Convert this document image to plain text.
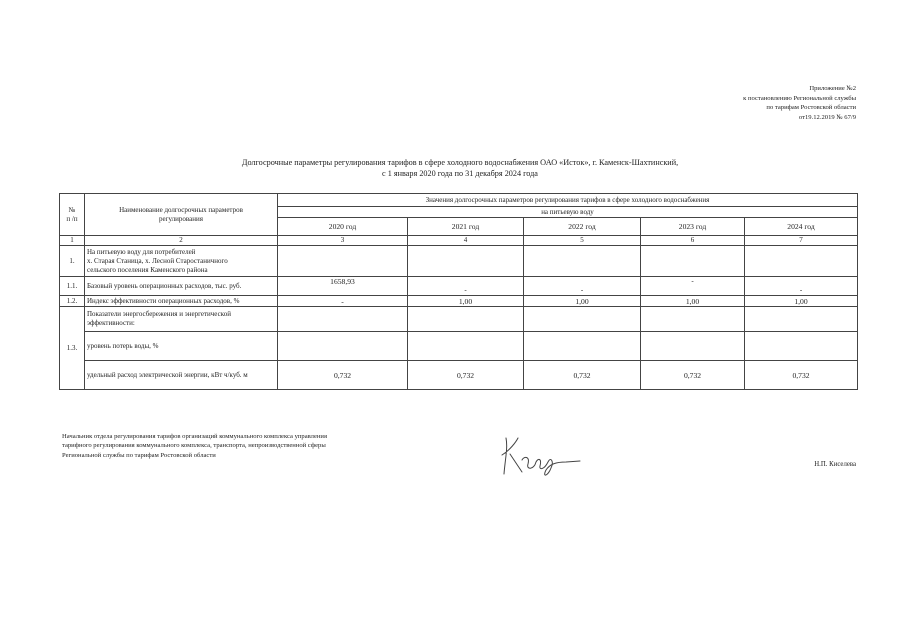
Приложение №2
к постановлению Региональной службы
по тарифам Ростовской области
от19.12.2019 № 67/9
Долгосрочные параметры регулирования тарифов в сфере холодного водоснабжения ОАО «Исток», г. Каменск-Шахтинский,
с 1 января 2020 года по 31 декабря 2024 года
№
п /п	Наименование долгосрочных параметров
регулирования	Значения долгосрочных параметров регулирования тарифов в сфере холодного водоснабжения				
		на питьевую воду				
		2020 год	2021 год	2022 год	2023 год	2024 год
1	2	3	4	5	6	7
1.	На питьевую воду для потребителей
х. Старая Станица, х. Лесной Старостаничного
сельского поселения Каменского района					
1.1.	Базовый уровень операционных расходов, тыс. руб.	1658,93	-	-	-	-
1.2.	Индекс эффективности операционных расходов, %	-	1,00	1,00	1,00	1,00
1.3.	Показатели энергосбережения и энергетической
эффективности:					
	уровень потерь воды, %					
	удельный расход электрической энергии, кВт ч/куб. м	0,732	0,732	0,732	0,732	0,732
Начальник отдела регулирования тарифов организаций коммунального комплекса управления тарифного регулирования коммунального комплекса, транспорта, непроизводственной сферы Региональной службы по тарифам Ростовской области
Н.П. Киселева
